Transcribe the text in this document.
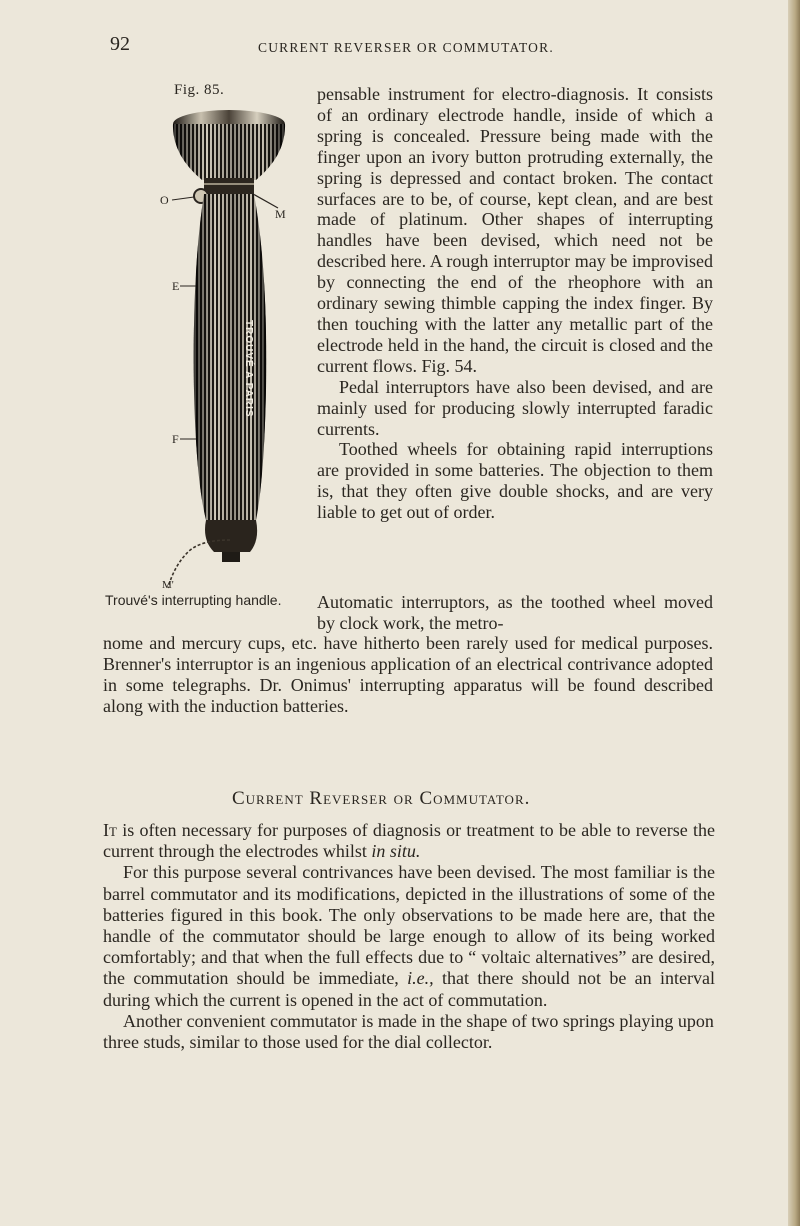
92	CURRENT REVERSER OR COMMUTATOR.
Fig. 85.
M
O
TROUVÉ A PARIS
E
F
M'

pensable instrument for electro-diagnosis. It consists of an ordinary electrode handle, inside of which a spring is concealed. Pressure being made with the finger upon an ivory button protruding externally, the spring is depressed and contact broken. The contact surfaces are to be, of course, kept clean, and are best made of platinum. Other shapes of interrupting handles have been devised, which need not be described here. A rough interruptor may be improvised by connecting the end of the rheophore with an ordinary sewing thimble capping the index finger. By then touching with the latter any metallic part of the electrode held in the hand, the circuit is closed and the current flows. Fig. 54.

Pedal interruptors have also been devised, and are mainly used for producing slowly interrupted faradic currents.

Toothed wheels for obtaining rapid interruptions are provided in some batteries. The objection to them is, that they often give double shocks, and are very liable to get out of order.

Trouvé's interrupting handle. Automatic interruptors, as the toothed wheel moved by clock work, the metro-

nome and mercury cups, etc. have hitherto been rarely used for medical purposes. Brenner's interruptor is an ingenious application of an electrical contrivance adopted in some telegraphs. Dr. Onimus' interrupting apparatus will be found described along with the induction batteries.

Current Reverser or Commutator.

It is often necessary for purposes of diagnosis or treatment to be able to reverse the current through the electrodes whilst in situ.

For this purpose several contrivances have been devised. The most familiar is the barrel commutator and its modifications, depicted in the illustrations of some of the batteries figured in this book. The only observations to be made here are, that the handle of the commutator should be large enough to allow of its being worked comfortably; and that when the full effects due to “ voltaic alternatives” are desired, the commutation should be immediate, i.e., that there should not be an interval during which the current is opened in the act of commutation.

Another convenient commutator is made in the shape of two springs playing upon three studs, similar to those used for the dial collector.
